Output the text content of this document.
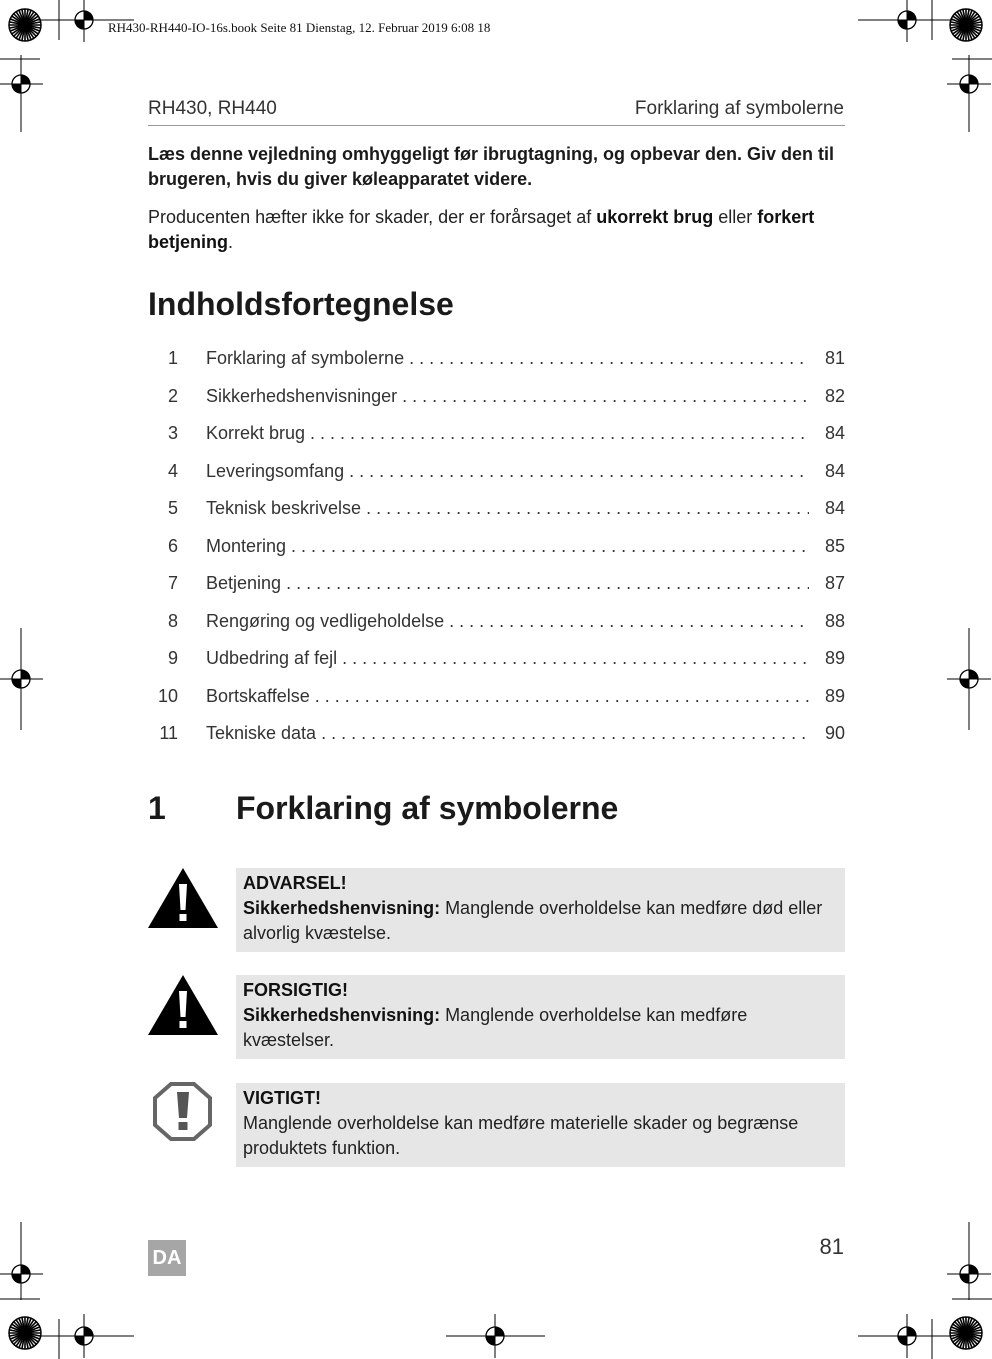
RH430-RH440-IO-16s.book Seite 81 Dienstag, 12. Februar 2019 6:08 18
RH430, RH440	Forklaring af symbolerne
Læs denne vejledning omhyggeligt før ibrugtagning, og opbevar den. Giv den til brugeren, hvis du giver køleapparatet videre.
Producenten hæfter ikke for skader, der er forårsaget af ukorrekt brug eller forkert betjening.
Indholdsfortegnelse
1 Forklaring af symbolerne . . .	81
2 Sikkerhedshenvisninger . . .	82
3 Korrekt brug . . .	84
4 Leveringsomfang . . .	84
5 Teknisk beskrivelse . . .	84
6 Montering . . .	85
7 Betjening . . .	87
8 Rengøring og vedligeholdelse . . .	88
9 Udbedring af fejl . . .	89
10 Bortskaffelse . . .	89
11 Tekniske data . . .	90
1 Forklaring af symbolerne
ADVARSEL!
Sikkerhedshenvisning: Manglende overholdelse kan medføre død eller alvorlig kvæstelse.
FORSIGTIG!
Sikkerhedshenvisning: Manglende overholdelse kan medføre kvæstelser.
VIGTIGT!
Manglende overholdelse kan medføre materielle skader og begrænse produktets funktion.
DA	81
